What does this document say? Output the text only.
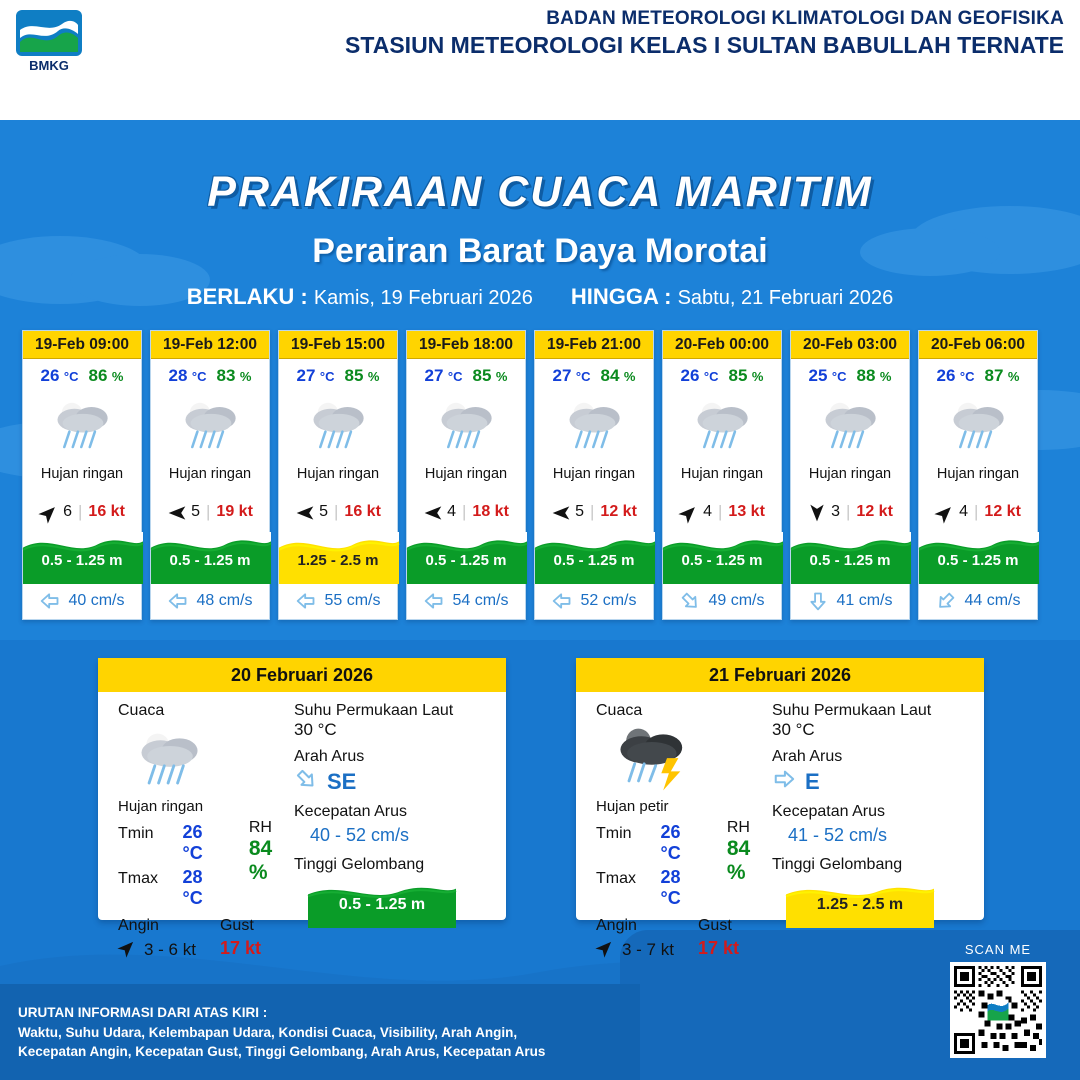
BMKG
BADAN METEOROLOGI KLIMATOLOGI DAN GEOFISIKA
STASIUN METEOROLOGI KELAS I SULTAN BABULLAH TERNATE
PRAKIRAAN CUACA MARITIM
Perairan Barat Daya Morotai
BERLAKU : Kamis, 19 Februari 2026 HINGGA : Sabtu, 21 Februari 2026
19-Feb 09:00
26 °C 86 %
Hujan ringan
6 | 16 kt
0.5 - 1.25 m
40 cm/s
19-Feb 12:00
28 °C 83 %
Hujan ringan
5 | 19 kt
0.5 - 1.25 m
48 cm/s
19-Feb 15:00
27 °C 85 %
Hujan ringan
5 | 16 kt
1.25 - 2.5 m
55 cm/s
19-Feb 18:00
27 °C 85 %
Hujan ringan
4 | 18 kt
0.5 - 1.25 m
54 cm/s
19-Feb 21:00
27 °C 84 %
Hujan ringan
5 | 12 kt
0.5 - 1.25 m
52 cm/s
20-Feb 00:00
26 °C 85 %
Hujan ringan
4 | 13 kt
0.5 - 1.25 m
49 cm/s
20-Feb 03:00
25 °C 88 %
Hujan ringan
3 | 12 kt
0.5 - 1.25 m
41 cm/s
20-Feb 06:00
26 °C 87 %
Hujan ringan
4 | 12 kt
0.5 - 1.25 m
44 cm/s
20 Februari 2026
Cuaca
Hujan ringan
Tmin	26 °C
Tmax	28 °C
RH
84 %
Angin
3 - 6 kt
Gust
17 kt
Suhu Permukaan Laut
30 °C
Arah Arus
SE
Kecepatan Arus
40 - 52 cm/s
Tinggi Gelombang
0.5 - 1.25 m
21 Februari 2026
Cuaca
Hujan petir
Tmin	26 °C
Tmax	28 °C
RH
84 %
Angin
3 - 7 kt
Gust
17 kt
Suhu Permukaan Laut
30 °C
Arah Arus
E
Kecepatan Arus
41 - 52 cm/s
Tinggi Gelombang
1.25 - 2.5 m
URUTAN INFORMASI DARI ATAS KIRI :
Waktu, Suhu Udara, Kelembapan Udara, Kondisi Cuaca, Visibility, Arah Angin,
Kecepatan Angin, Kecepatan Gust, Tinggi Gelombang, Arah Arus, Kecepatan Arus
SCAN ME
